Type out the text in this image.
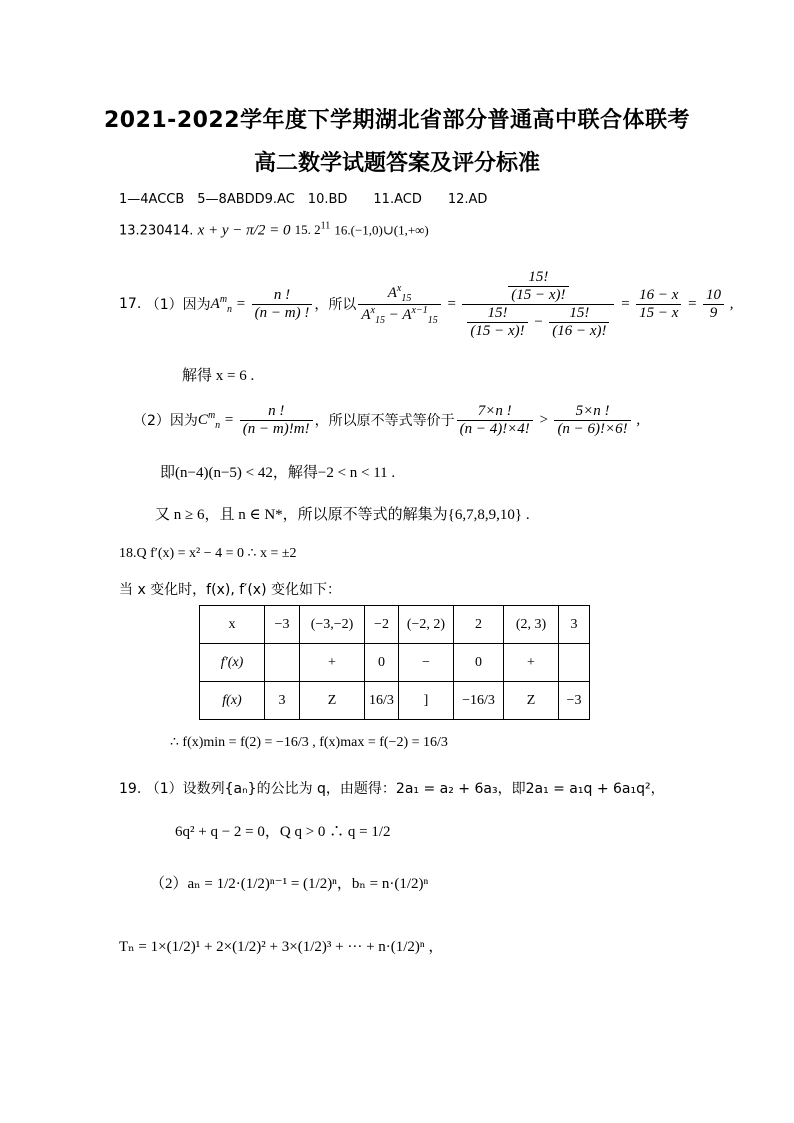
2021-2022学年度下学期湖北省部分普通高中联合体联考
高二数学试题答案及评分标准
1—4ACCB　5—8ABDD9.AC　10.BD　　11.ACD　　12.AD
13.230414. x + y − π/2 = 0 15. $2^{11}$ 16.(−1,0)∪(1,+∞)
17.
（1）因为 $A^m_n = \frac{n !}{(n - m) !}$ ，所以 $\frac{A^x_{15}}{A^x_{15} - A^{x-1}_{15}} = \frac{\frac{15!}{(15 - x)!}}{\frac{15!}{(15 - x)!} - \frac{15!}{(16 - x)!}} = \frac{16 - x}{15 - x} = \frac{10}{9}$ ,
解得 x = 6 .
（2）因为 $C^m_n = \frac{n !}{(n - m)!m!}$ ，所以原不等式等价于 $\frac{7\times n !}{(n - 4)!\times 4!} > \frac{5\times n !}{(n - 6)!\times 6!}$ ,
即(n−4)(n−5) < 42，解得−2 < n < 11 .
又 n ≥ 6，且 n ∈ N*，所以原不等式的解集为{6,7,8,9,10} .
18.Q f′(x) = x² − 4 = 0 ∴ x = ±2
当 x 变化时，f(x), f′(x) 变化如下：
x	−3	(−3,−2)	−2	(−2, 2)	2	(2, 3)	3
f′(x)		+	0	−	0	+	
f(x)	3	Z	16/3	]	−16/3	Z	−3
∴ f(x)min = f(2) = −16/3 , f(x)max = f(−2) = 16/3
19. （1）设数列{aₙ}的公比为 q，由题得：2a₁ = a₂ + 6a₃，即2a₁ = a₁q + 6a₁q²，
6q² + q − 2 = 0，Q q > 0 ∴ q = 1/2
（2）aₙ = 1/2·(1/2)ⁿ⁻¹ = (1/2)ⁿ，bₙ = n·(1/2)ⁿ
Tₙ = 1×(1/2)¹ + 2×(1/2)² + 3×(1/2)³ + ··· + n·(1/2)ⁿ ，
